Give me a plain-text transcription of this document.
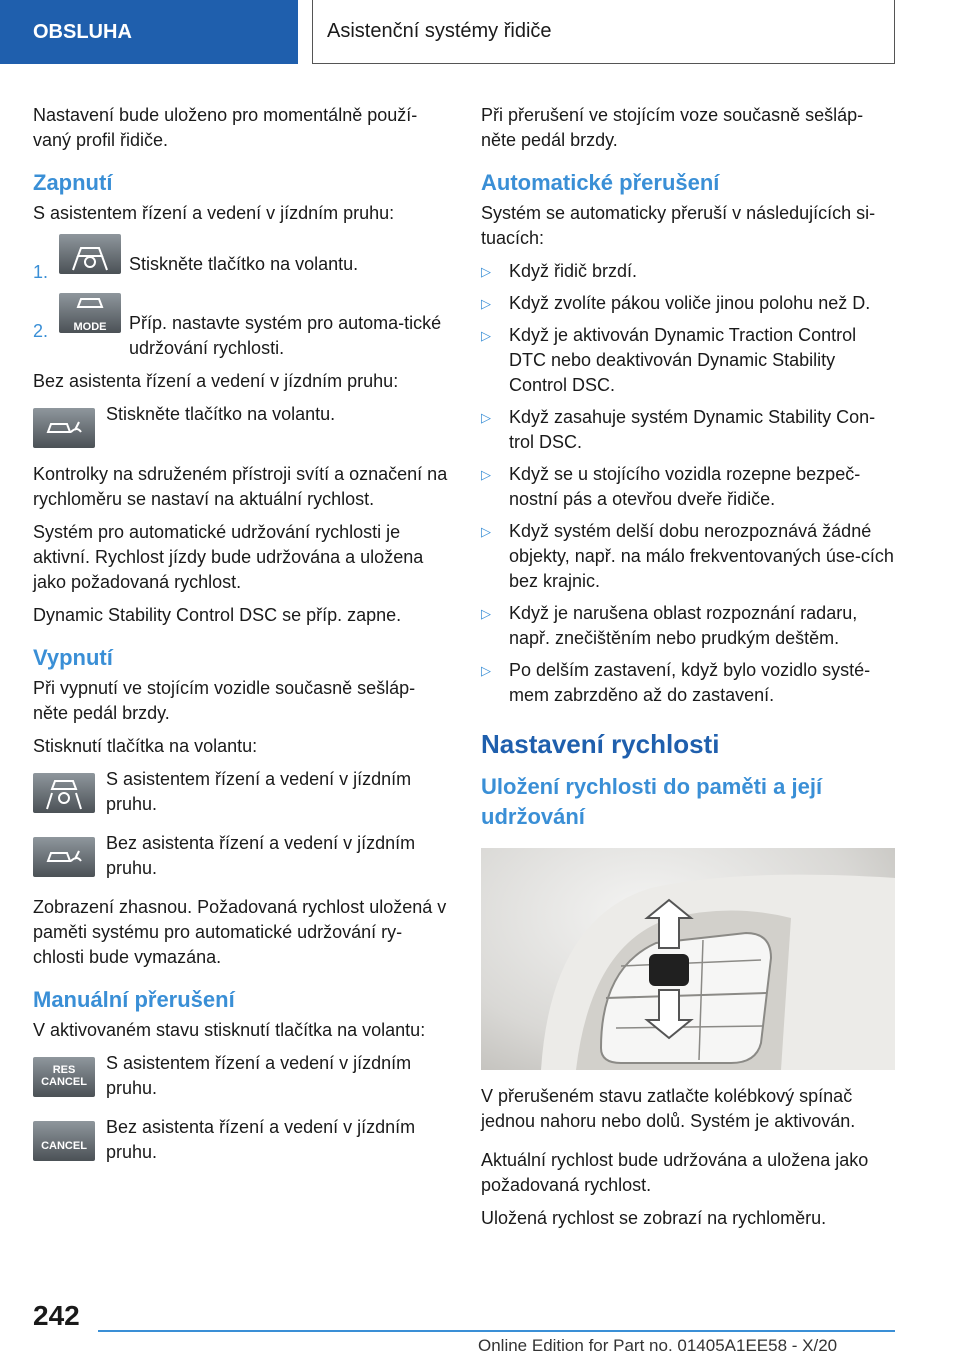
OBSLUHA	Asistenční systémy řidiče

Nastavení bude uloženo pro momentálně použí-vaný profil řidiče.

Zapnutí

S asistentem řízení a vedení v jízdním pruhu:

1.	Stiskněte tlačítko na volantu.
2.	MODE	Příp. nastavte systém pro automa-tické udržování rychlosti.

Bez asistenta řízení a vedení v jízdním pruhu:

Stiskněte tlačítko na volantu.

Kontrolky na sdruženém přístroji svítí a označení na rychloměru se nastaví na aktuální rychlost.

Systém pro automatické udržování rychlosti je aktivní. Rychlost jízdy bude udržována a uložena jako požadovaná rychlost.

Dynamic Stability Control DSC se příp. zapne.

Vypnutí

Při vypnutí ve stojícím vozidle současně sešláp-něte pedál brzdy.

Stisknutí tlačítka na volantu:

S asistentem řízení a vedení v jízdním pruhu.
Bez asistenta řízení a vedení v jízdním pruhu.

Zobrazení zhasnou. Požadovaná rychlost uložená v paměti systému pro automatické udržování ry-chlosti bude vymazána.

Manuální přerušení

V aktivovaném stavu stisknutí tlačítka na volantu:

RES
CANCEL
S asistentem řízení a vedení v jízdním pruhu.
CANCEL
Bez asistenta řízení a vedení v jízdním pruhu.

Při přerušení ve stojícím voze současně sešláp-něte pedál brzdy.

Automatické přerušení

Systém se automaticky přeruší v následujících si-tuacích:

▷	Když řidič brzdí.
▷	Když zvolíte pákou voliče jinou polohu než D.
▷	Když je aktivován Dynamic Traction Control DTC nebo deaktivován Dynamic Stability Control DSC.
▷	Když zasahuje systém Dynamic Stability Con-trol DSC.
▷	Když se u stojícího vozidla rozepne bezpeč-nostní pás a otevřou dveře řidiče.
▷	Když systém delší dobu nerozpoznává žádné objekty, např. na málo frekventovaných úse-cích bez krajnic.
▷	Když je narušena oblast rozpoznání radaru, např. znečištěním nebo prudkým deštěm.
▷	Po delším zastavení, když bylo vozidlo systé-mem zabrzděno až do zastavení.
Nastavení rychlosti
Uložení rychlosti do paměti a její udržování

V přerušeném stavu zatlačte kolébkový spínač jednou nahoru nebo dolů. Systém je aktivován.

Aktuální rychlost bude udržována a uložena jako požadovaná rychlost.

Uložená rychlost se zobrazí na rychloměru.

242
Online Edition for Part no. 01405A1EE58 - X/20
